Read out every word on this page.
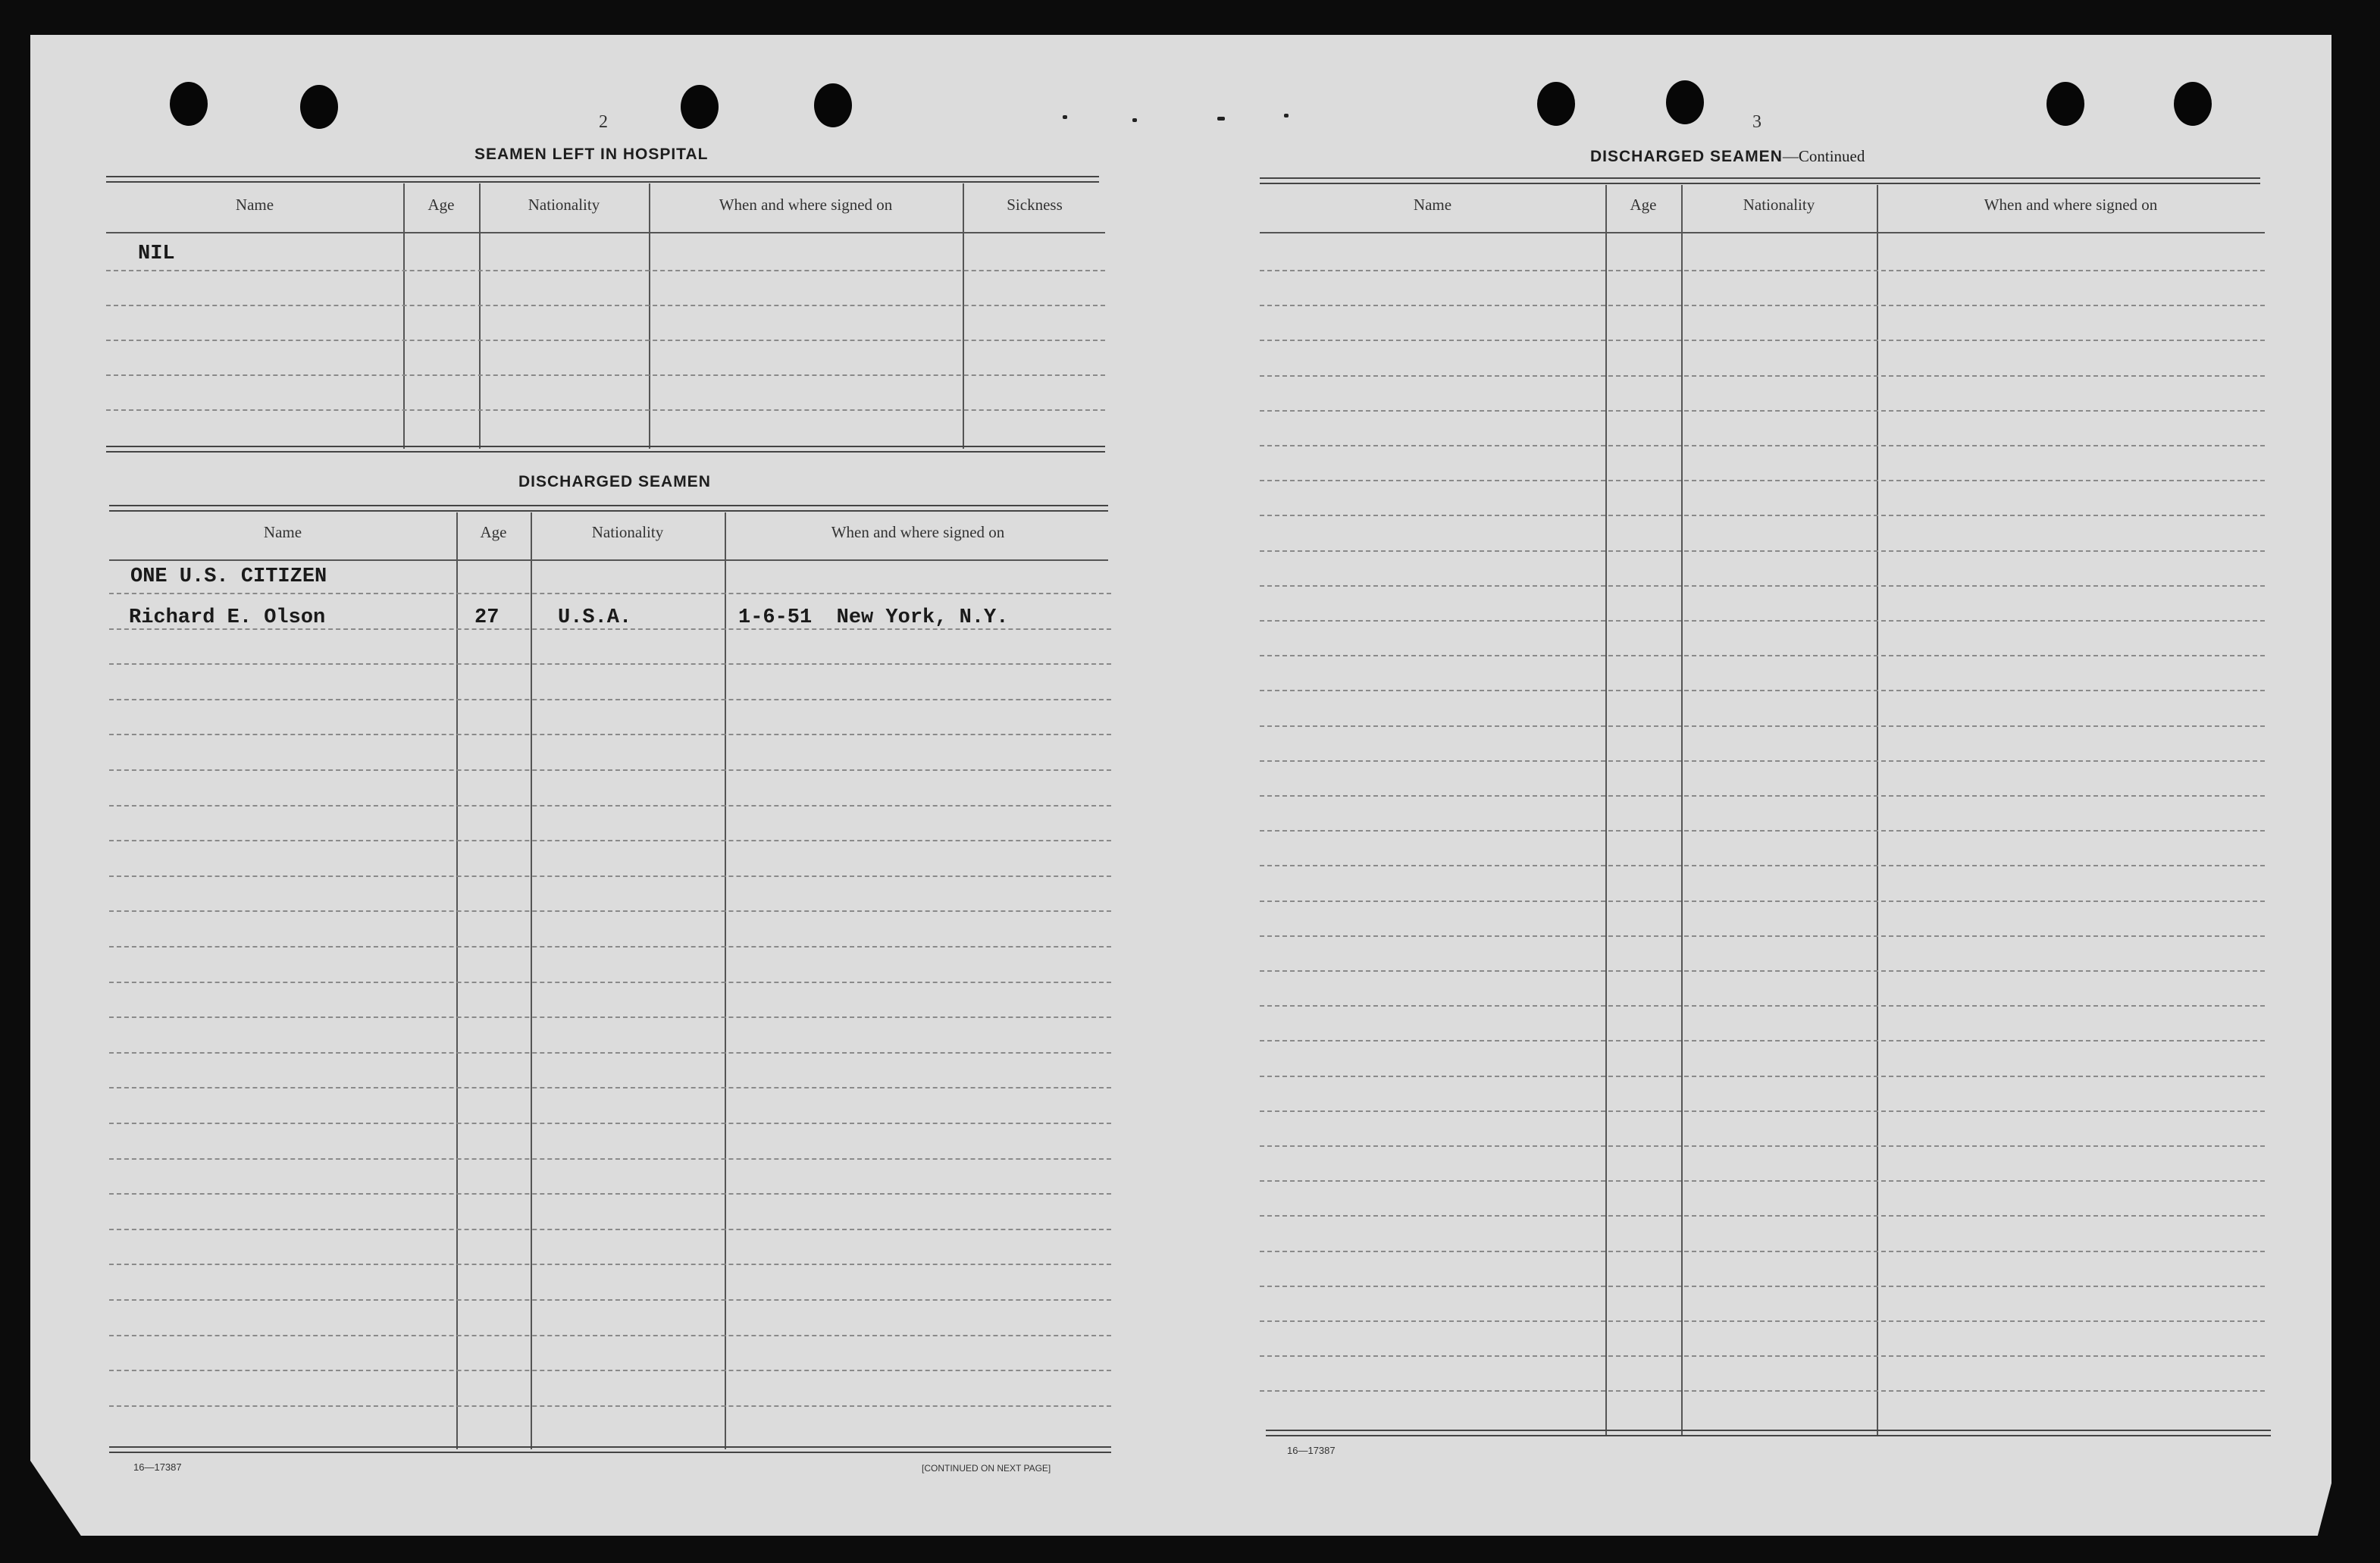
2
SEAMEN LEFT IN HOSPITAL
Name	Age	Nationality	When and where signed on	Sickness
NIL
DISCHARGED SEAMEN
Name	Age	Nationality	When and where signed on
ONE U.S. CITIZEN
Richard E. Olson	27	U.S.A.	1-6-51  New York, N.Y.
16—17387	[CONTINUED ON NEXT PAGE]
3
DISCHARGED SEAMEN—Continued
Name	Age	Nationality	When and where signed on
16—17387
